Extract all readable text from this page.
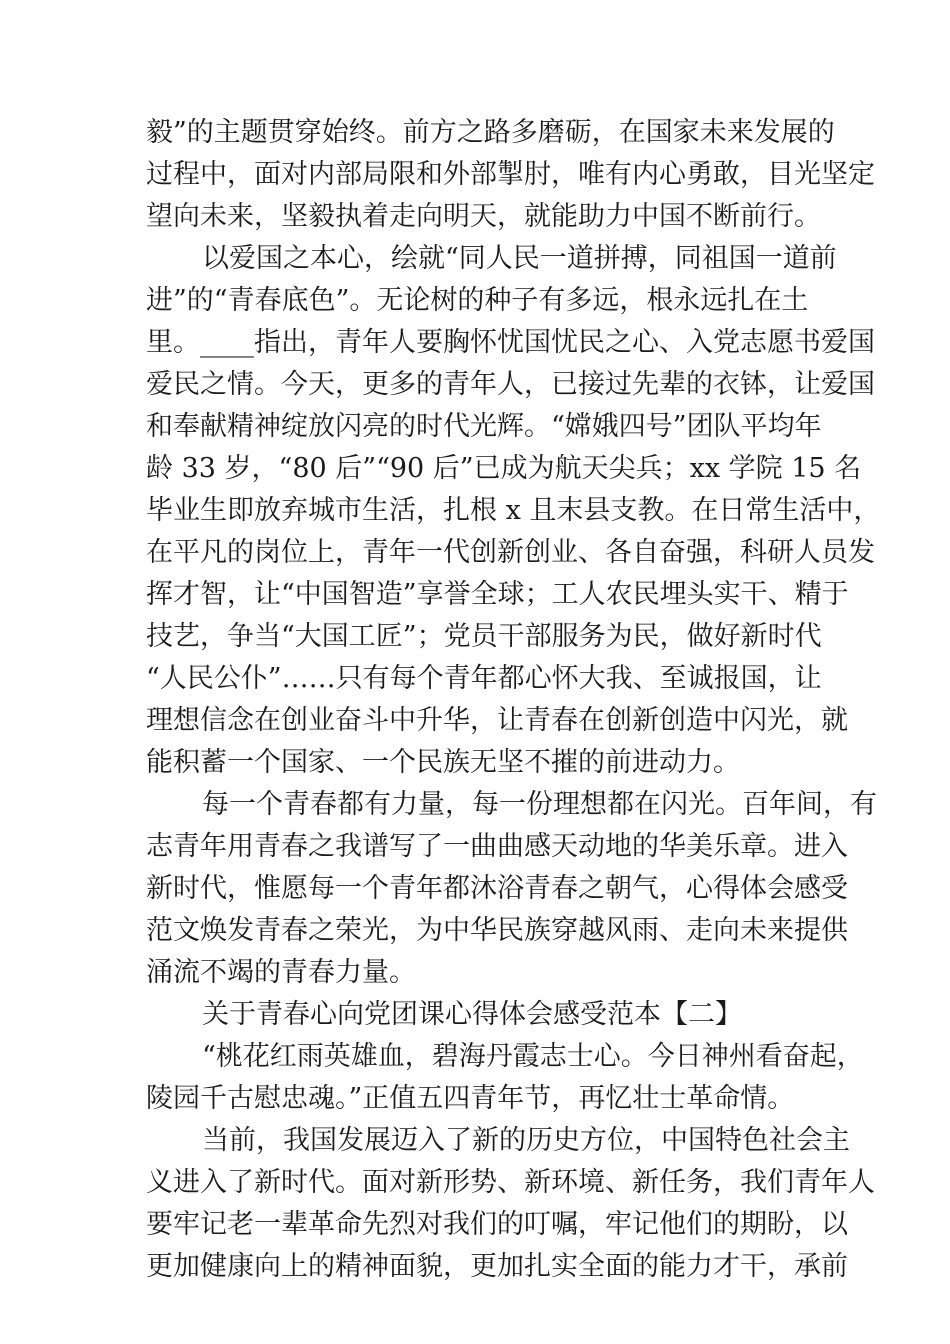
毅”的主题贯穿始终。前方之路多磨砺，在国家未来发展的
过程中，面对内部局限和外部掣肘，唯有内心勇敢，目光坚定
望向未来，坚毅执着走向明天，就能助力中国不断前行。
以爱国之本心，绘就“同人民一道拼搏，同祖国一道前
进”的“青春底色”。无论树的种子有多远，根永远扎在土
里。____指出，青年人要胸怀忧国忧民之心、入党志愿书爱国
爱民之情。今天，更多的青年人，已接过先辈的衣钵，让爱国
和奉献精神绽放闪亮的时代光辉。“嫦娥四号”团队平均年
龄 33 岁，“80 后”“90 后”已成为航天尖兵；xx 学院 15 名
毕业生即放弃城市生活，扎根 x 且末县支教。在日常生活中，
在平凡的岗位上，青年一代创新创业、各自奋强，科研人员发
挥才智，让“中国智造”享誉全球；工人农民埋头实干、精于
技艺，争当“大国工匠”；党员干部服务为民，做好新时代
“人民公仆”……只有每个青年都心怀大我、至诚报国，让
理想信念在创业奋斗中升华，让青春在创新创造中闪光，就
能积蓄一个国家、一个民族无坚不摧的前进动力。
每一个青春都有力量，每一份理想都在闪光。百年间，有
志青年用青春之我谱写了一曲曲感天动地的华美乐章。进入
新时代，惟愿每一个青年都沐浴青春之朝气，心得体会感受
范文焕发青春之荣光，为中华民族穿越风雨、走向未来提供
涌流不竭的青春力量。
关于青春心向党团课心得体会感受范本【二】
“桃花红雨英雄血，碧海丹霞志士心。今日神州看奋起，
陵园千古慰忠魂。”正值五四青年节，再忆壮士革命情。
当前，我国发展迈入了新的历史方位，中国特色社会主
义进入了新时代。面对新形势、新环境、新任务，我们青年人
要牢记老一辈革命先烈对我们的叮嘱，牢记他们的期盼，以
更加健康向上的精神面貌，更加扎实全面的能力才干，承前
